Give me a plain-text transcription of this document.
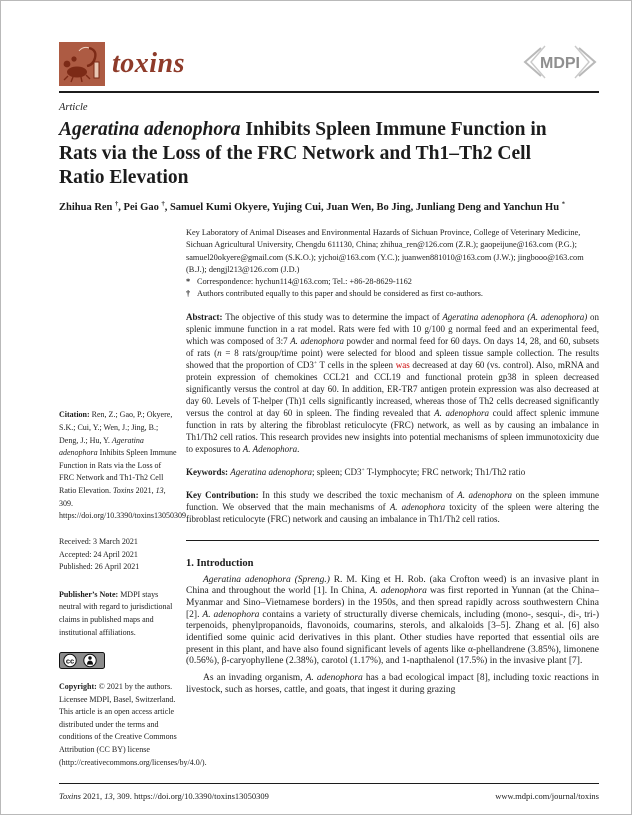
toxins	MDPI
Article
Ageratina adenophora Inhibits Spleen Immune Function in Rats via the Loss of the FRC Network and Th1–Th2 Cell Ratio Elevation
Zhihua Ren †, Pei Gao †, Samuel Kumi Okyere, Yujing Cui, Juan Wen, Bo Jing, Junliang Deng and Yanchun Hu *
Citation: Ren, Z.; Gao, P.; Okyere, S.K.; Cui, Y.; Wen, J.; Jing, B.; Deng, J.; Hu, Y. Ageratina adenophora Inhibits Spleen Immune Function in Rats via the Loss of FRC Network and Th1-Th2 Cell Ratio Elevation. Toxins 2021, 13, 309. https://doi.org/10.3390/toxins13050309
Received: 3 March 2021
Accepted: 24 April 2021
Published: 26 April 2021
Publisher’s Note: MDPI stays neutral with regard to jurisdictional claims in published maps and institutional affiliations.
cc
Copyright: © 2021 by the authors. Licensee MDPI, Basel, Switzerland. This article is an open access article distributed under the terms and conditions of the Creative Commons Attribution (CC BY) license (http://creativecommons.org/licenses/by/4.0/).
Key Laboratory of Animal Diseases and Environmental Hazards of Sichuan Province, College of Veterinary Medicine, Sichuan Agricultural University, Chengdu 611130, China; zhihua_ren@126.com (Z.R.); gaopeijune@163.com (P.G.); samuel20okyere@gmail.com (S.K.O.); yjchoi@163.com (Y.C.); juanwen881010@163.com (J.W.); jingbooo@163.com (B.J.); dengjl213@126.com (J.D.)
* Correspondence: hychun114@163.com; Tel.: +86-28-8629-1162
† Authors contributed equally to this paper and should be considered as first co-authors.
Abstract: The objective of this study was to determine the impact of Ageratina adenophora (A. adenophora) on splenic immune function in a rat model. Rats were fed with 10 g/100 g normal feed and an experimental feed, which was composed of 3:7 A. adenophora powder and normal feed for 60 days. On days 14, 28, and 60, subsets of rats (n = 8 rats/group/time point) were selected for blood and spleen tissue sample collection. The results showed that the proportion of CD3+ T cells in the spleen was decreased at day 60 (vs. control). Also, mRNA and protein expression of chemokines CCL21 and CCL19 and functional protein gp38 in spleen decreased significantly versus the control at day 60. In addition, ER-TR7 antigen protein expression was also decreased at day 60. Levels of T-helper (Th)1 cells significantly increased, whereas those of Th2 cells decreased significantly versus the control at day 60 in spleen. The finding revealed that A. adenophora could affect splenic immune function in rats by altering the fibroblast reticulocyte (FRC) network, as well as by causing an imbalance in Th1/Th2 cell ratios. This research provides new insights into potential mechanisms of spleen immunotoxicity due to exposures to A. Adenophora.
Keywords: Ageratina adenophora; spleen; CD3+ T-lymphocyte; FRC network; Th1/Th2 ratio
Key Contribution: In this study we described the toxic mechanism of A. adenophora on the spleen immune function. We observed that the main mechanisms of A. adenophora toxicity of the spleen were altering the fibroblast reticulocyte (FRC) network and causing an imbalance in Th1/Th2 cell ratios.
1. Introduction

Ageratina adenophora (Spreng.) R. M. King et H. Rob. (aka Crofton weed) is an invasive plant in China and throughout the world [1]. In China, A. adenophora was first reported in Yunnan (at the China–Myanmar and Sino–Vietnamese borders) in the 1950s, and then spread rapidly across southwestern China [2]. A. adenophora contains a variety of structurally diverse chemicals, including (mono-, sesqui-, di-, tri-) terpenoids, phenylpropanoids, flavonoids, coumarins, sterols, and alkaloids [3–5]. Zhang et al. [6] also identified some quinic acid derivatives in this plant. Other studies have reported that essential oils are present in this plant, and have also found significant levels of agents like α-phellandrene (3.85%), limonene (0.56%), β-caryophyllene (2.38%), carotol (1.17%), and 1-napthalenol (17.5%) in the invasive plant [7].

As an invading organism, A. adenophora has a bad ecological impact [8], including toxic reactions in livestock, such as horses, cattle, and goats, that ingest it during grazing

Toxins 2021, 13, 309. https://doi.org/10.3390/toxins13050309	www.mdpi.com/journal/toxins
